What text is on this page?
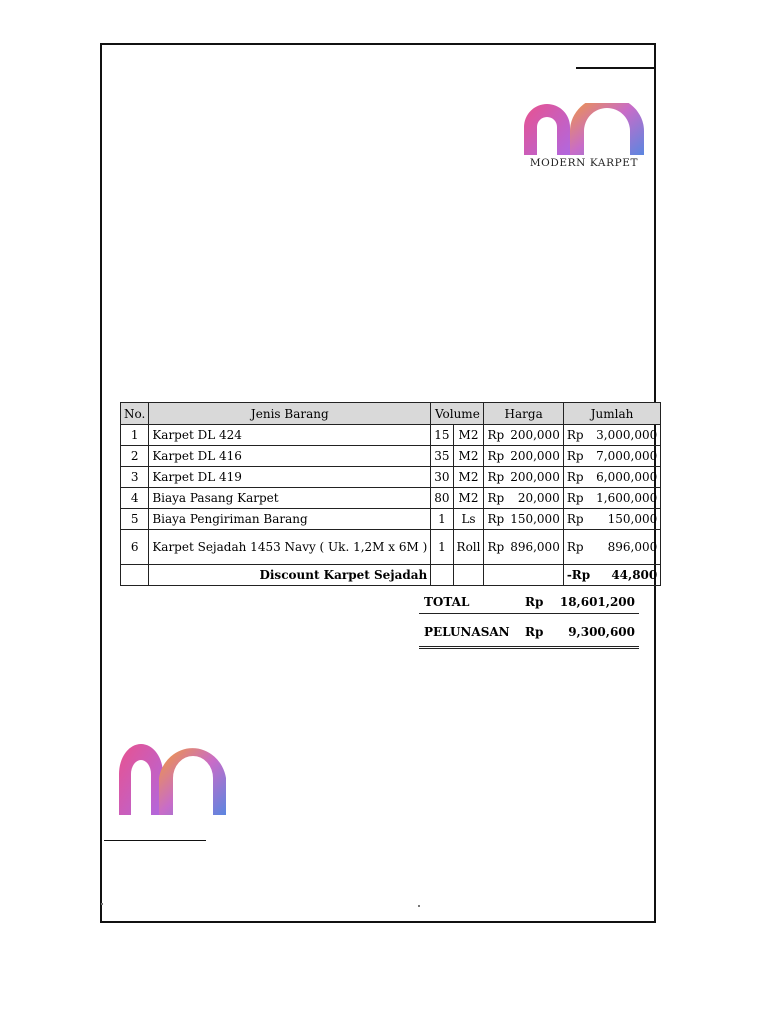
MODERN KARPET
No.	Jenis Barang	Volume		Harga		Jumlah	
1	Karpet DL 424	15	M2	Rp	200,000	Rp	3,000,000
2	Karpet DL 416	35	M2	Rp	200,000	Rp	7,000,000
3	Karpet DL 419	30	M2	Rp	200,000	Rp	6,000,000
4	Biaya Pasang Karpet	80	M2	Rp	20,000	Rp	1,600,000
5	Biaya Pengiriman Barang	1	Ls	Rp	150,000	Rp	150,000
6	Karpet Sejadah 1453 Navy ( Uk. 1,2M x 6M )	1	Roll	Rp	896,000	Rp	896,000
	Discount Karpet Sejadah					-Rp	44,800
TOTAL	Rp 18,601,200
PELUNASAN Rp 9,300,600
